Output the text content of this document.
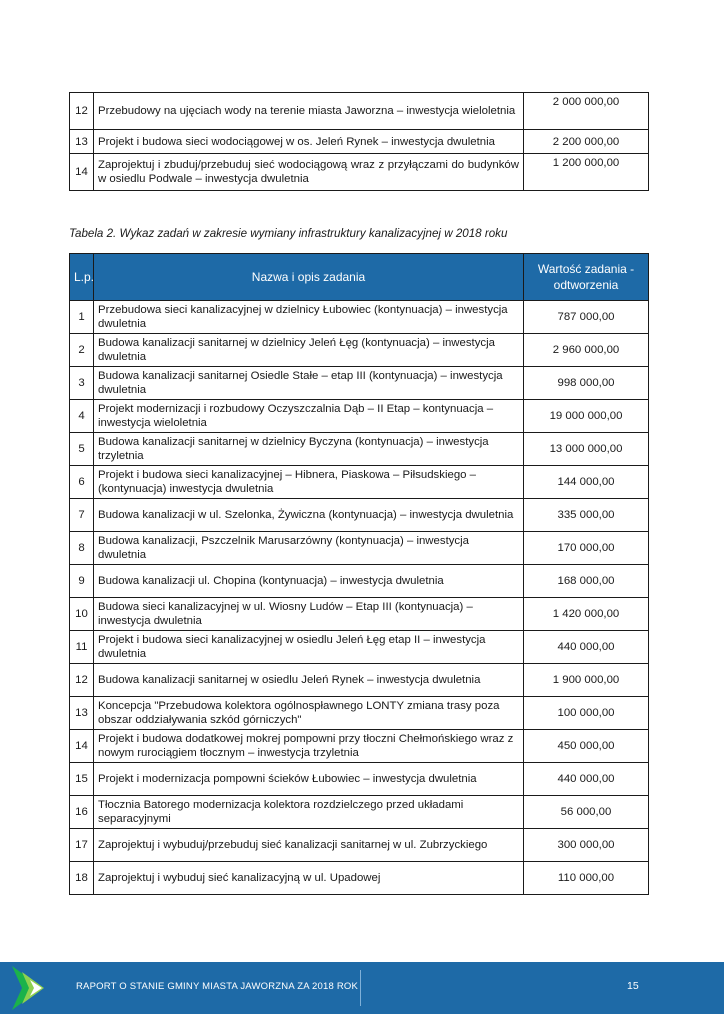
12	Przebudowy na ujęciach wody na terenie miasta Jaworzna – inwestycja wieloletnia	2 000 000,00
13	Projekt i budowa sieci wodociągowej w os. Jeleń Rynek – inwestycja dwuletnia	2 200 000,00
14	Zaprojektuj i zbuduj/przebuduj sieć wodociągową wraz z przyłączami do budynków w osiedlu Podwale – inwestycja dwuletnia	1 200 000,00
Tabela 2. Wykaz zadań w zakresie wymiany infrastruktury kanalizacyjnej w 2018 roku
L.p.	Nazwa i opis zadania	Wartość zadania - odtworzenia
1	Przebudowa sieci kanalizacyjnej w dzielnicy Łubowiec (kontynuacja) – inwestycja dwuletnia	787 000,00
2	Budowa kanalizacji sanitarnej w dzielnicy Jeleń Łęg (kontynuacja) – inwestycja dwuletnia	2 960 000,00
3	Budowa kanalizacji sanitarnej Osiedle Stałe – etap III (kontynuacja) – inwestycja dwuletnia	998 000,00
4	Projekt modernizacji i rozbudowy Oczyszczalnia Dąb – II Etap – kontynuacja – inwestycja wieloletnia	19 000 000,00
5	Budowa kanalizacji sanitarnej w dzielnicy Byczyna (kontynuacja) – inwestycja trzyletnia	13 000 000,00
6	Projekt i budowa sieci kanalizacyjnej – Hibnera, Piaskowa – Piłsudskiego – (kontynuacja) inwestycja dwuletnia	144 000,00
7	Budowa kanalizacji w ul. Szelonka, Żywiczna (kontynuacja) – inwestycja dwuletnia	335 000,00
8	Budowa kanalizacji, Pszczelnik Marusarzówny (kontynuacja) – inwestycja dwuletnia	170 000,00
9	Budowa kanalizacji ul. Chopina (kontynuacja) – inwestycja dwuletnia	168 000,00
10	Budowa sieci kanalizacyjnej w ul. Wiosny Ludów – Etap III (kontynuacja) – inwestycja dwuletnia	1 420 000,00
11	Projekt i budowa sieci kanalizacyjnej w osiedlu Jeleń Łęg etap II – inwestycja dwuletnia	440 000,00
12	Budowa kanalizacji sanitarnej w osiedlu Jeleń Rynek – inwestycja dwuletnia	1 900 000,00
13	Koncepcja "Przebudowa kolektora ogólnospławnego LONTY zmiana trasy poza obszar oddziaływania szkód górniczych"	100 000,00
14	Projekt i budowa dodatkowej mokrej pompowni przy tłoczni Chełmońskiego wraz z nowym rurociągiem tłocznym – inwestycja trzyletnia	450 000,00
15	Projekt i modernizacja pompowni ścieków Łubowiec – inwestycja dwuletnia	440 000,00
16	Tłocznia Batorego modernizacja kolektora rozdzielczego przed układami separacyjnymi	56 000,00
17	Zaprojektuj i wybuduj/przebuduj sieć kanalizacji sanitarnej w ul. Zubrzyckiego	300 000,00
18	Zaprojektuj i wybuduj sieć kanalizacyjną w ul. Upadowej	110 000,00
RAPORT O STANIE GMINY MIASTA JAWORZNA ZA 2018 ROK	15
